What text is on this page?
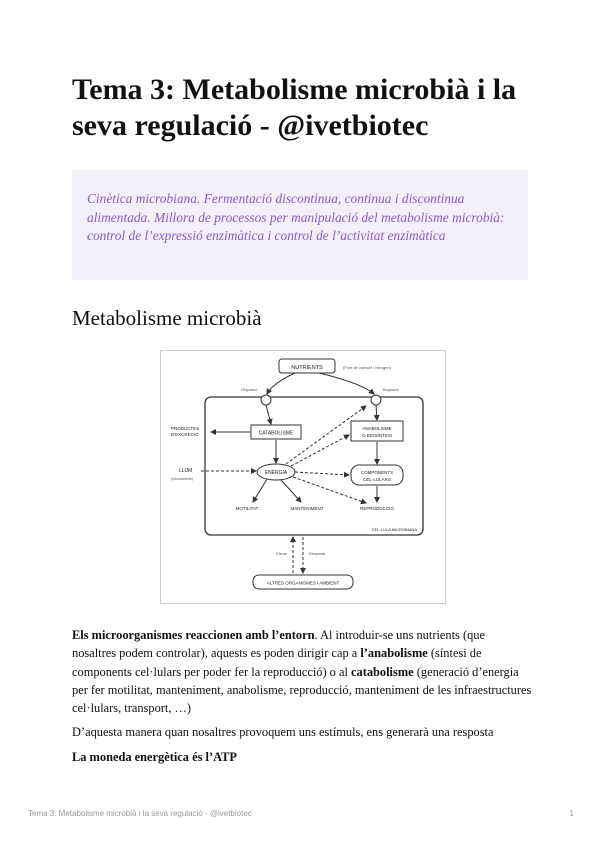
Tema 3: Metabolisme microbià i la seva regulació - @ivetbiotec

Cinètica microbiana. Fermentació discontinua, continua i discontinua alimentada. Millora de processos per manipulació del metabolisme microbià: control de l’expressió enzimàtica i control de l’activitat enzimàtica

Metabolisme microbià
NUTRIENTS	(Font de carboni i nitrogen)
Regulació	Regulació
CATABOLISME
ANABOLISME
O BIOSÍNTESI
PRODUCTES
D'EXCRECIÓ
ENERGIA
LLUM
(fotoautòtrofs)
COMPONENTS
CEL·LULARS
MOTILITAT	MANTENIMENT	REPRODUCCIÓ
CÈL·LULA MICROBIANA
Efecte	Resposta
ALTRES ORGANISMES I AMBIENT

Els microorganismes reaccionen amb l’entorn. Al introduir-se uns nutrients (que nosaltres podem controlar), aquests es poden dirigir cap a l’anabolisme (síntesi de components cel·lulars per poder fer la reproducció) o al catabolisme (generació d’energia per fer motilitat, manteniment, anabolisme, reproducció, manteniment de les infraestructures cel·lulars, transport, …)

D’aquesta manera quan nosaltres provoquem uns estímuls, ens generarà una resposta

La moneda energètica és l’ATP

Tema 3: Metabolisme microbià i la seva regulació - @ivetbiotec	1
